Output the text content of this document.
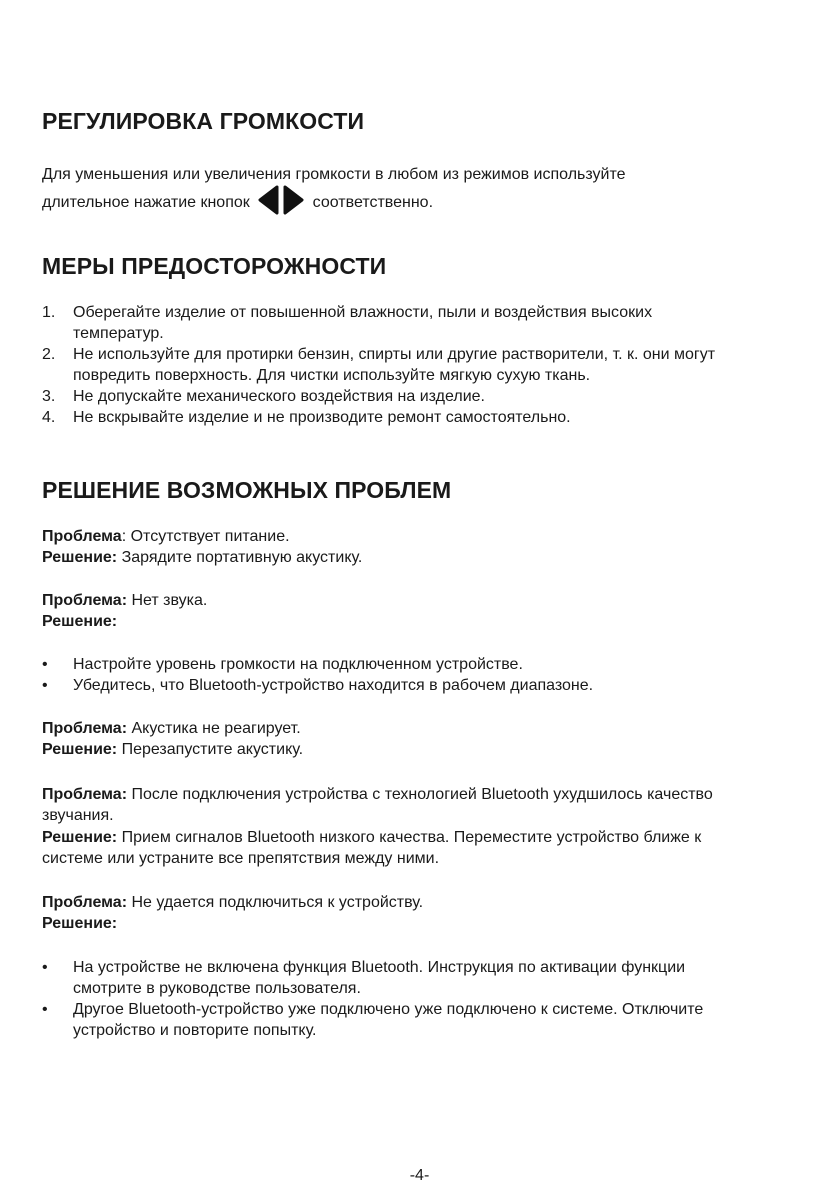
РЕГУЛИРОВКА ГРОМКОСТИ

Для уменьшения или увеличения громкости в любом из режимов используйте

длительное нажатие кнопок	соответственно.

МЕРЫ ПРЕДОСТОРОЖНОСТИ
1. Оберегайте изделие от повышенной влажности, пыли и воздействия высоких
температур.
2. Не используйте для протирки бензин, спирты или другие растворители, т. к. они могут
повредить поверхность. Для чистки используйте мягкую сухую ткань.
3. Не допускайте механического воздействия на изделие.
4. Не вскрывайте изделие и не производите ремонт самостоятельно.
РЕШЕНИЕ ВОЗМОЖНЫХ ПРОБЛЕМ

Проблема: Отсутствует питание.

Решение: Зарядите портативную акустику.

Проблема: Нет звука.

Решение:

• Настройте уровень громкости на подключенном устройстве.
• Убедитесь, что Bluetooth-устройство находится в рабочем диапазоне.

Проблема: Акустика не реагирует.

Решение: Перезапустите акустику.

Проблема: После подключения устройства с технологией Bluetooth ухудшилось качество

звучания.

Решение: Прием сигналов Bluetooth низкого качества. Переместите устройство ближе к

системе или устраните все препятствия между ними.

Проблема: Не удается подключиться к устройству.

Решение:

• На устройстве не включена функция Bluetooth. Инструкция по активации функции
смотрите в руководстве пользователя.
• Другое Bluetooth-устройство уже подключено уже подключено к системе. Отключите
устройство и повторите попытку.
-4-
